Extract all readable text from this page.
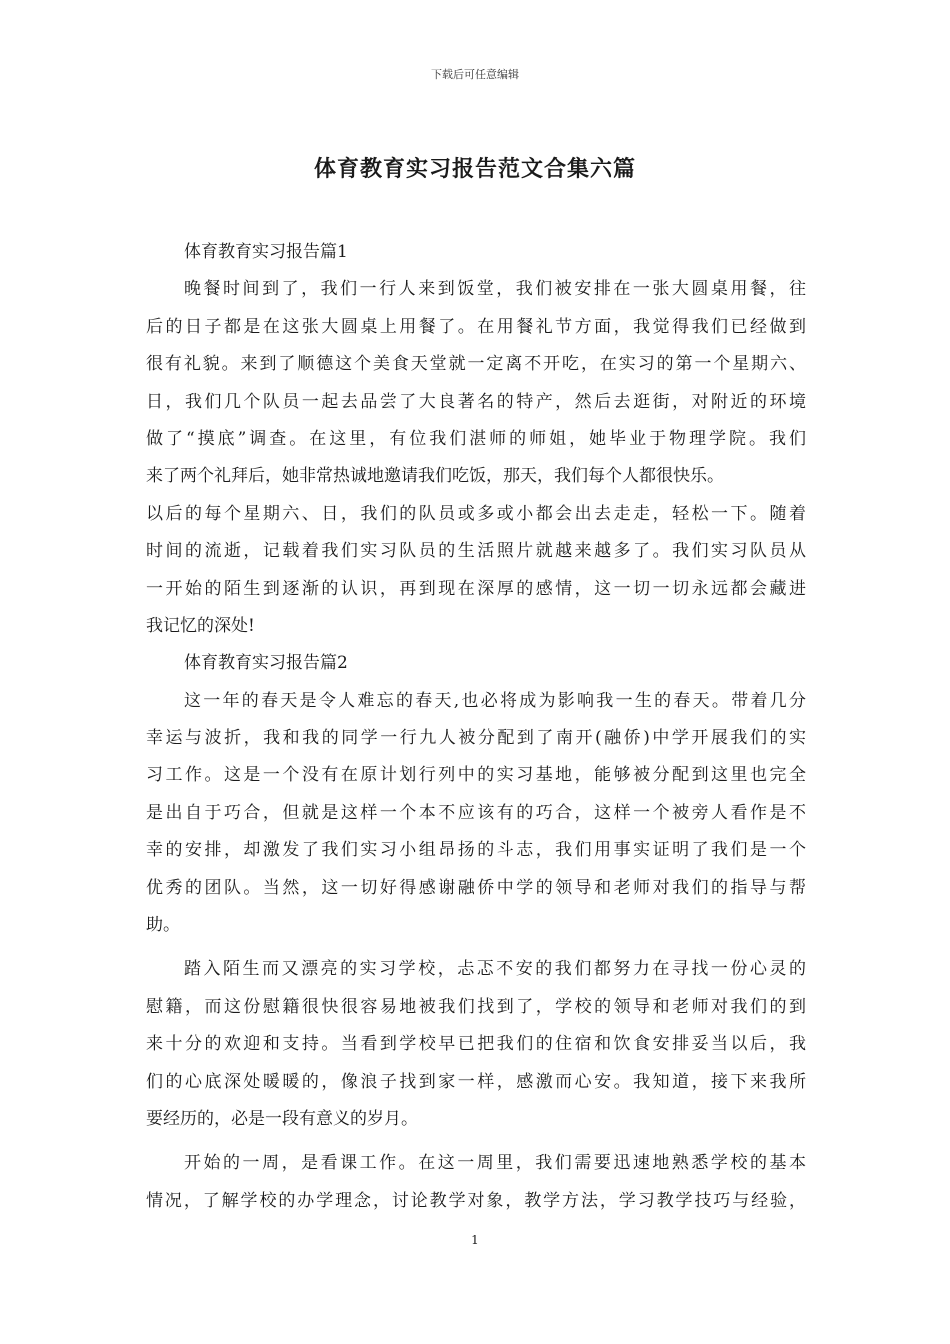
下载后可任意编辑
体育教育实习报告范文合集六篇
体育教育实习报告篇1
晚餐时间到了，我们一行人来到饭堂，我们被安排在一张大圆桌用餐，往
后的日子都是在这张大圆桌上用餐了。在用餐礼节方面，我觉得我们已经做到
很有礼貌。来到了顺德这个美食天堂就一定离不开吃，在实习的第一个星期六、
日，我们几个队员一起去品尝了大良著名的特产，然后去逛街，对附近的环境
做了“摸底”调查。在这里，有位我们湛师的师姐，她毕业于物理学院。我们
来了两个礼拜后，她非常热诚地邀请我们吃饭，那天，我们每个人都很快乐。
以后的每个星期六、日，我们的队员或多或小都会出去走走，轻松一下。随着
时间的流逝，记载着我们实习队员的生活照片就越来越多了。我们实习队员从
一开始的陌生到逐渐的认识，再到现在深厚的感情，这一切一切永远都会藏进
我记忆的深处!
体育教育实习报告篇2
这一年的春天是令人难忘的春天,也必将成为影响我一生的春天。带着几分
幸运与波折，我和我的同学一行九人被分配到了南开(融侨)中学开展我们的实
习工作。这是一个没有在原计划行列中的实习基地，能够被分配到这里也完全
是出自于巧合，但就是这样一个本不应该有的巧合，这样一个被旁人看作是不
幸的安排，却激发了我们实习小组昂扬的斗志，我们用事实证明了我们是一个
优秀的团队。当然，这一切好得感谢融侨中学的领导和老师对我们的指导与帮
助。
踏入陌生而又漂亮的实习学校，忐忑不安的我们都努力在寻找一份心灵的
慰籍，而这份慰籍很快很容易地被我们找到了，学校的领导和老师对我们的到
来十分的欢迎和支持。当看到学校早已把我们的住宿和饮食安排妥当以后，我
们的心底深处暖暖的，像浪子找到家一样，感激而心安。我知道，接下来我所
要经历的，必是一段有意义的岁月。
开始的一周，是看课工作。在这一周里，我们需要迅速地熟悉学校的基本
情况，了解学校的办学理念，讨论教学对象，教学方法，学习教学技巧与经验，
1
